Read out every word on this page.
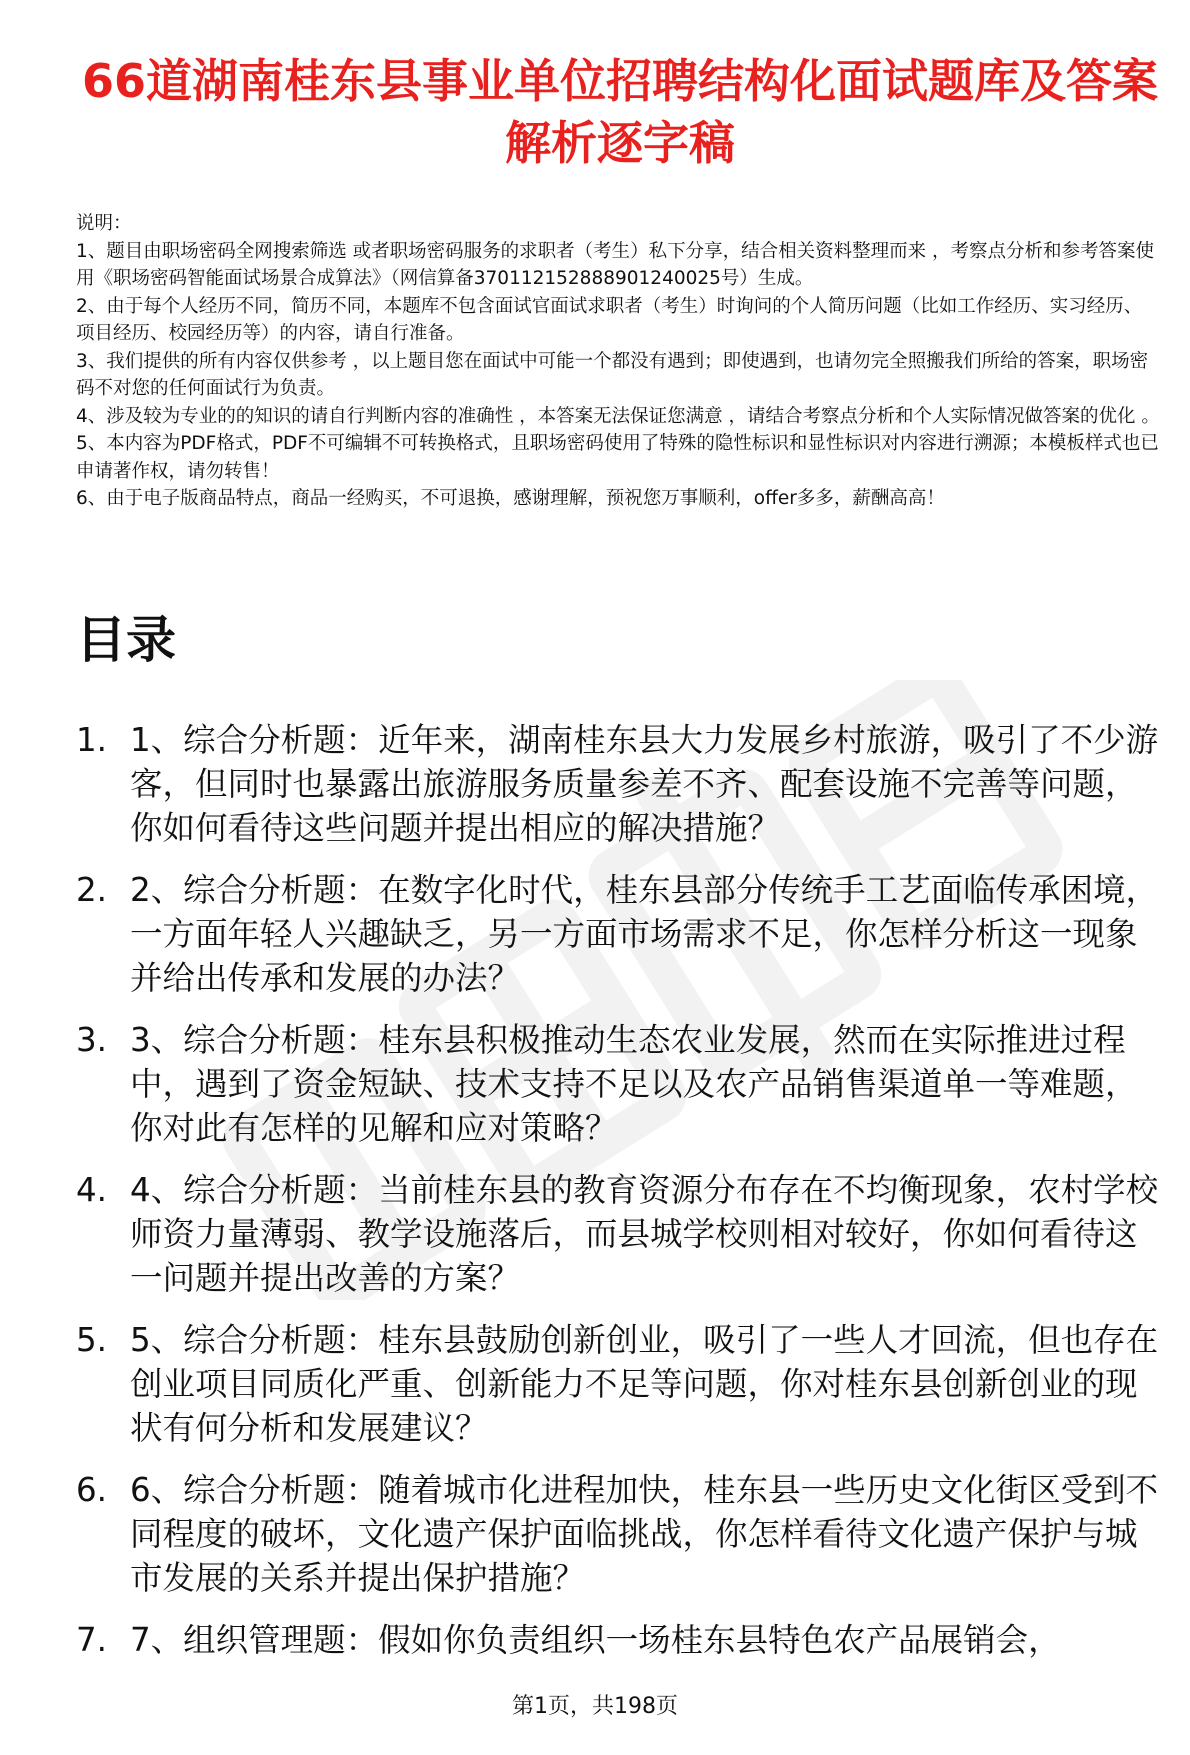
66道湖南桂东县事业单位招聘结构化面试题库及答案解析逐字稿

说明：

1、题目由职场密码全网搜索筛选 或者职场密码服务的求职者（考生）私下分享，结合相关资料整理而来 ，考察点分析和参考答案使用《职场密码智能面试场景合成算法》（网信算备370112152888901240025号）生成。

2、由于每个人经历不同，简历不同，本题库不包含面试官面试求职者（考生）时询问的个人简历问题（比如工作经历、实习经历、项目经历、校园经历等）的内容，请自行准备。

3、我们提供的所有内容仅供参考 ，以上题目您在面试中可能一个都没有遇到；即使遇到，也请勿完全照搬我们所给的答案，职场密码不对您的任何面试行为负责。

4、涉及较为专业的的知识的请自行判断内容的准确性 ，本答案无法保证您满意 ，请结合考察点分析和个人实际情况做答案的优化 。

5、本内容为PDF格式，PDF不可编辑不可转换格式，且职场密码使用了特殊的隐性标识和显性标识对内容进行溯源；本模板样式也已申请著作权，请勿转售！

6、由于电子版商品特点，商品一经购买，不可退换，感谢理解，预祝您万事顺利，offer多多，薪酬高高！

目录
1. 1、综合分析题：近年来，湖南桂东县大力发展乡村旅游，吸引了不少游客，但同时也暴露出旅游服务质量参差不齐、配套设施不完善等问题，你如何看待这些问题并提出相应的解决措施？
2. 2、综合分析题：在数字化时代，桂东县部分传统手工艺面临传承困境，一方面年轻人兴趣缺乏，另一方面市场需求不足，你怎样分析这一现象并给出传承和发展的办法？
3. 3、综合分析题：桂东县积极推动生态农业发展，然而在实际推进过程中，遇到了资金短缺、技术支持不足以及农产品销售渠道单一等难题，你对此有怎样的见解和应对策略？
4. 4、综合分析题：当前桂东县的教育资源分布存在不均衡现象，农村学校师资力量薄弱、教学设施落后，而县城学校则相对较好，你如何看待这一问题并提出改善的方案？
5. 5、综合分析题：桂东县鼓励创新创业，吸引了一些人才回流，但也存在创业项目同质化严重、创新能力不足等问题，你对桂东县创新创业的现状有何分析和发展建议？
6. 6、综合分析题：随着城市化进程加快，桂东县一些历史文化街区受到不同程度的破坏，文化遗产保护面临挑战，你怎样看待文化遗产保护与城市发展的关系并提出保护措施？
7. 7、组织管理题：假如你负责组织一场桂东县特色农产品展销会，
第1页，共198页
